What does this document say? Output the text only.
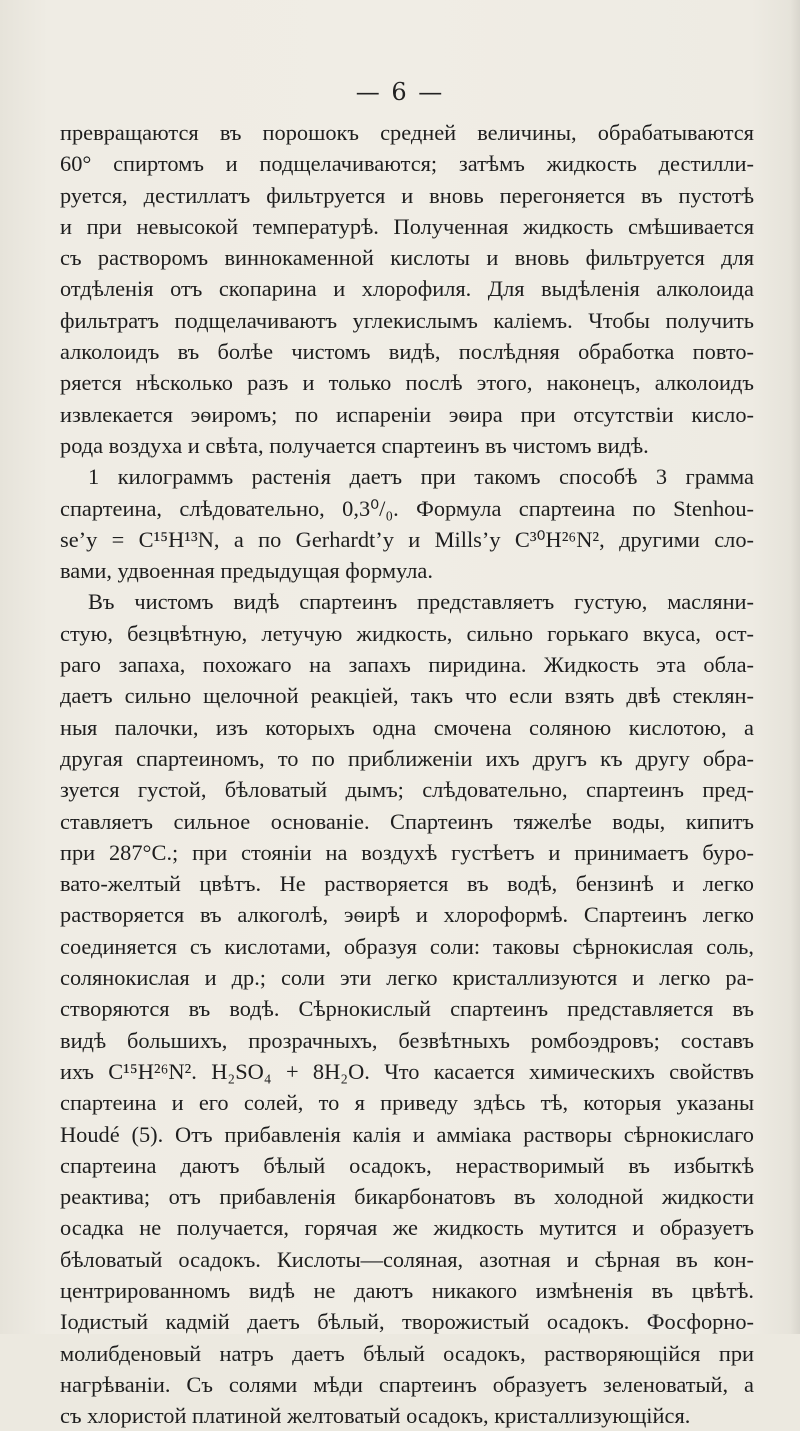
— 6 —
превращаются въ порошокъ средней величины, обрабатываются
60° спиртомъ и подщелачиваются; затѣмъ жидкость дестилли-
руется, дестиллатъ фильтруется и вновь перегоняется въ пустотѣ
и при невысокой температурѣ. Полученная жидкость смѣшивается
съ растворомъ виннокаменной кислоты и вновь фильтруется для
отдѣленія отъ скопарина и хлорофиля. Для выдѣленія алколоида
фильтратъ подщелачиваютъ углекислымъ каліемъ. Чтобы получить
алколоидъ въ болѣе чистомъ видѣ, послѣдняя обработка повто-
ряется нѣсколько разъ и только послѣ этого, наконецъ, алколоидъ
извлекается эѳиромъ; по испареніи эѳира при отсутствіи кисло-
рода воздуха и свѣта, получается спартеинъ въ чистомъ видѣ.
1 килограммъ растенія даетъ при такомъ способѣ 3 грамма
спартеина, слѣдовательно, 0,3⁰/₀. Формула спартеина по Stenhou-
se’у = C¹⁵H¹³N, а по Gerhardt’у и Mills’у C³⁰H²⁶N², другими сло-
вами, удвоенная предыдущая формула.
Въ чистомъ видѣ спартеинъ представляетъ густую, масляни-
стую, безцвѣтную, летучую жидкость, сильно горькаго вкуса, ост-
раго запаха, похожаго на запахъ пиридина. Жидкость эта обла-
даетъ сильно щелочной реакціей, такъ что если взять двѣ стеклян-
ныя палочки, изъ которыхъ одна смочена соляною кислотою, а
другая спартеиномъ, то по приближеніи ихъ другъ къ другу обра-
зуется густой, бѣловатый дымъ; слѣдовательно, спартеинъ пред-
ставляетъ сильное основаніе. Спартеинъ тяжелѣе воды, кипитъ
при 287°C.; при стояніи на воздухѣ густѣетъ и принимаетъ буро-
вато-желтый цвѣтъ. Не растворяется въ водѣ, бензинѣ и легко
растворяется въ алкоголѣ, эѳирѣ и хлороформѣ. Спартеинъ легко
соединяется съ кислотами, образуя соли: таковы сѣрнокислая соль,
солянокислая и др.; соли эти легко кристаллизуются и легко ра-
створяются въ водѣ. Сѣрнокислый спартеинъ представляется въ
видѣ большихъ, прозрачныхъ, безвѣтныхъ ромбоэдровъ; составъ
ихъ C¹⁵H²⁶N². H₂SO₄ + 8H₂O. Что касается химическихъ свойствъ
спартеина и его солей, то я приведу здѣсь тѣ, которыя указаны
Houdé (5). Отъ прибавленія калія и амміака растворы сѣрнокислаго
спартеина даютъ бѣлый осадокъ, нерастворимый въ избыткѣ
реактива; отъ прибавленія бикарбонатовъ въ холодной жидкости
осадка не получается, горячая же жидкость мутится и образуетъ
бѣловатый осадокъ. Кислоты—соляная, азотная и сѣрная въ кон-
центрированномъ видѣ не даютъ никакого измѣненія въ цвѣтѣ.
Іодистый кадмій даетъ бѣлый, творожистый осадокъ. Фосфорно-
молибденовый натръ даетъ бѣлый осадокъ, растворяющійся при
нагрѣваніи. Съ солями мѣди спартеинъ образуетъ зеленоватый, а
съ хлористой платиной желтоватый осадокъ, кристаллизующійся.
